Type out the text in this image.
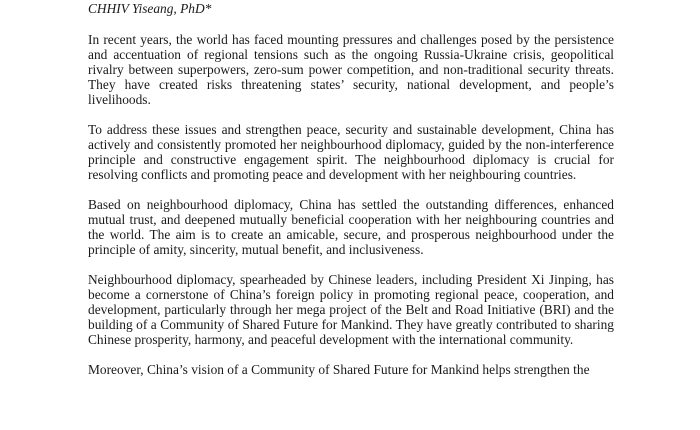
CHHIV Yiseang, PhD*

In recent years, the world has faced mounting pressures and challenges posed by the persistence and accentuation of regional tensions such as the ongoing Russia-Ukraine crisis, geopolitical rivalry between superpowers, zero-sum power competition, and non-traditional security threats. They have created risks threatening states’ security, national development, and people’s livelihoods.

To address these issues and strengthen peace, security and sustainable development, China has actively and consistently promoted her neighbourhood diplomacy, guided by the non-interference principle and constructive engagement spirit. The neighbourhood diplomacy is crucial for resolving conflicts and promoting peace and development with her neighbouring countries.

Based on neighbourhood diplomacy, China has settled the outstanding differences, enhanced mutual trust, and deepened mutually beneficial cooperation with her neighbouring countries and the world. The aim is to create an amicable, secure, and prosperous neighbourhood under the principle of amity, sincerity, mutual benefit, and inclusiveness.

Neighbourhood diplomacy, spearheaded by Chinese leaders, including President Xi Jinping, has become a cornerstone of China’s foreign policy in promoting regional peace, cooperation, and development, particularly through her mega project of the Belt and Road Initiative (BRI) and the building of a Community of Shared Future for Mankind. They have greatly contributed to sharing Chinese prosperity, harmony, and peaceful development with the international community.

Moreover, China’s vision of a Community of Shared Future for Mankind helps strengthen the
